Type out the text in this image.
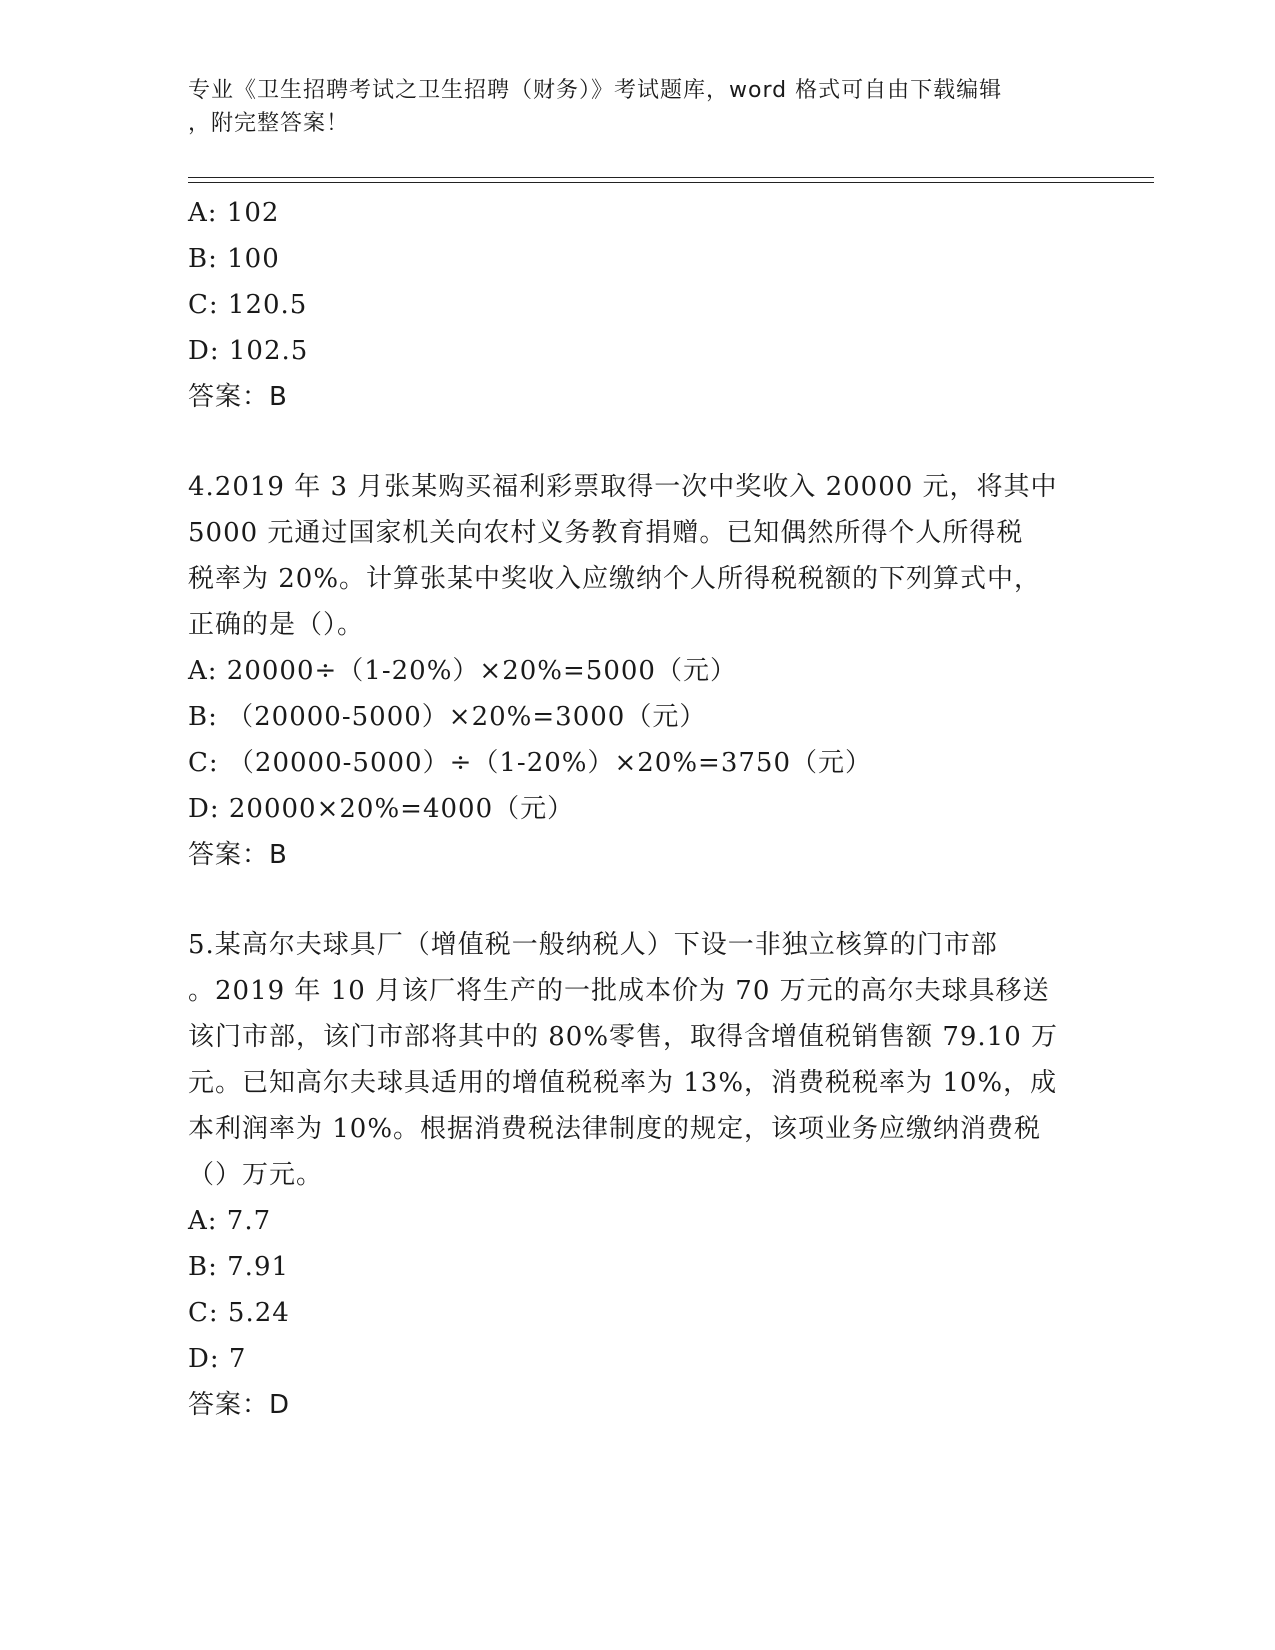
专业《卫生招聘考试之卫生招聘（财务）》考试题库，word 格式可自由下载编辑
，附完整答案！
A: 102
B: 100
C: 120.5
D: 102.5
答案：B
4.2019 年 3 月张某购买福利彩票取得一次中奖收入 20000 元，将其中
5000 元通过国家机关向农村义务教育捐赠。已知偶然所得个人所得税
税率为 20%。计算张某中奖收入应缴纳个人所得税税额的下列算式中，
正确的是（）。
A: 20000÷（1-20%）×20%=5000（元）
B: （20000-5000）×20%=3000（元）
C: （20000-5000）÷（1-20%）×20%=3750（元）
D: 20000×20%=4000（元）
答案：B
5.某高尔夫球具厂（增值税一般纳税人）下设一非独立核算的门市部
。2019 年 10 月该厂将生产的一批成本价为 70 万元的高尔夫球具移送
该门市部，该门市部将其中的 80%零售，取得含增值税销售额 79.10 万
元。已知高尔夫球具适用的增值税税率为 13%，消费税税率为 10%，成
本利润率为 10%。根据消费税法律制度的规定，该项业务应缴纳消费税
（）万元。
A: 7.7
B: 7.91
C: 5.24
D: 7
答案：D
